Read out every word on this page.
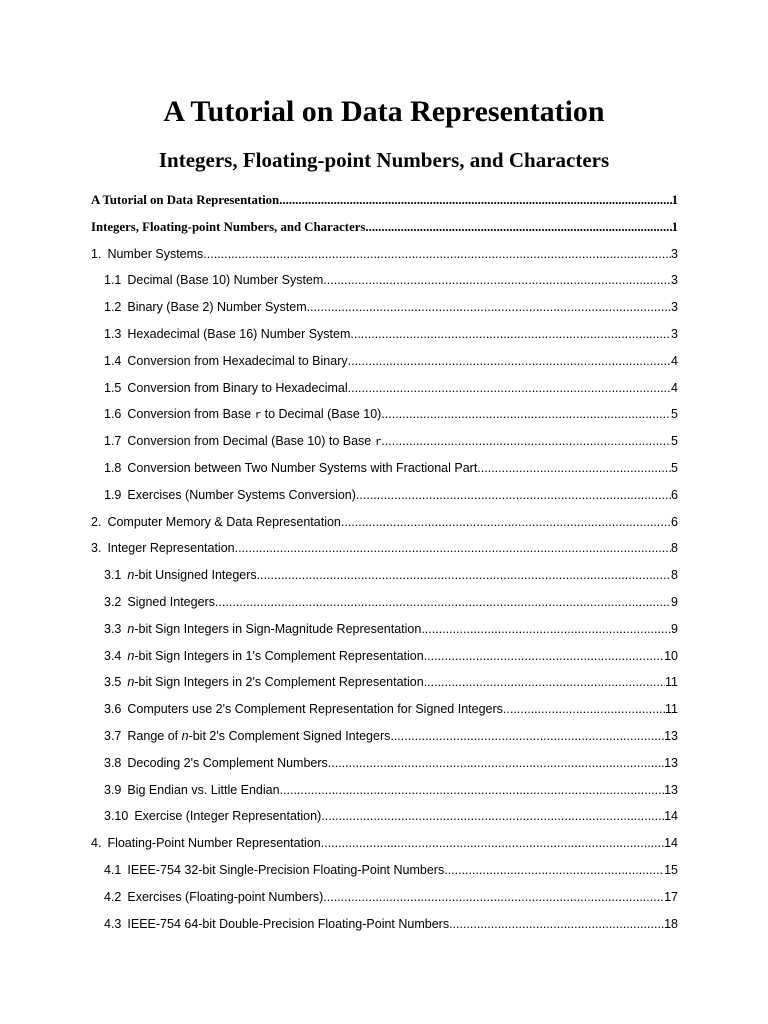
A Tutorial on Data Representation
Integers, Floating-point Numbers, and Characters
A Tutorial on Data Representation .....	1
Integers, Floating-point Numbers, and Characters .....	1
1. Number Systems .....	3
1.1 Decimal (Base 10) Number System .....	3
1.2 Binary (Base 2) Number System .....	3
1.3 Hexadecimal (Base 16) Number System .....	3
1.4 Conversion from Hexadecimal to Binary .....	4
1.5 Conversion from Binary to Hexadecimal .....	4
1.6 Conversion from Base r to Decimal (Base 10) .....	5
1.7 Conversion from Decimal (Base 10) to Base r .....	5
1.8 Conversion between Two Number Systems with Fractional Part .....	5
1.9 Exercises (Number Systems Conversion) .....	6
2. Computer Memory & Data Representation .....	6
3. Integer Representation .....	8
3.1 n-bit Unsigned Integers .....	8
3.2 Signed Integers .....	9
3.3 n-bit Sign Integers in Sign-Magnitude Representation .....	9
3.4 n-bit Sign Integers in 1's Complement Representation .....	10
3.5 n-bit Sign Integers in 2's Complement Representation .....	11
3.6 Computers use 2's Complement Representation for Signed Integers .....	11
3.7 Range of n-bit 2's Complement Signed Integers .....	13
3.8 Decoding 2's Complement Numbers .....	13
3.9 Big Endian vs. Little Endian .....	13
3.10 Exercise (Integer Representation) .....	14
4. Floating-Point Number Representation .....	14
4.1 IEEE-754 32-bit Single-Precision Floating-Point Numbers .....	15
4.2 Exercises (Floating-point Numbers) .....	17
4.3 IEEE-754 64-bit Double-Precision Floating-Point Numbers .....	18
